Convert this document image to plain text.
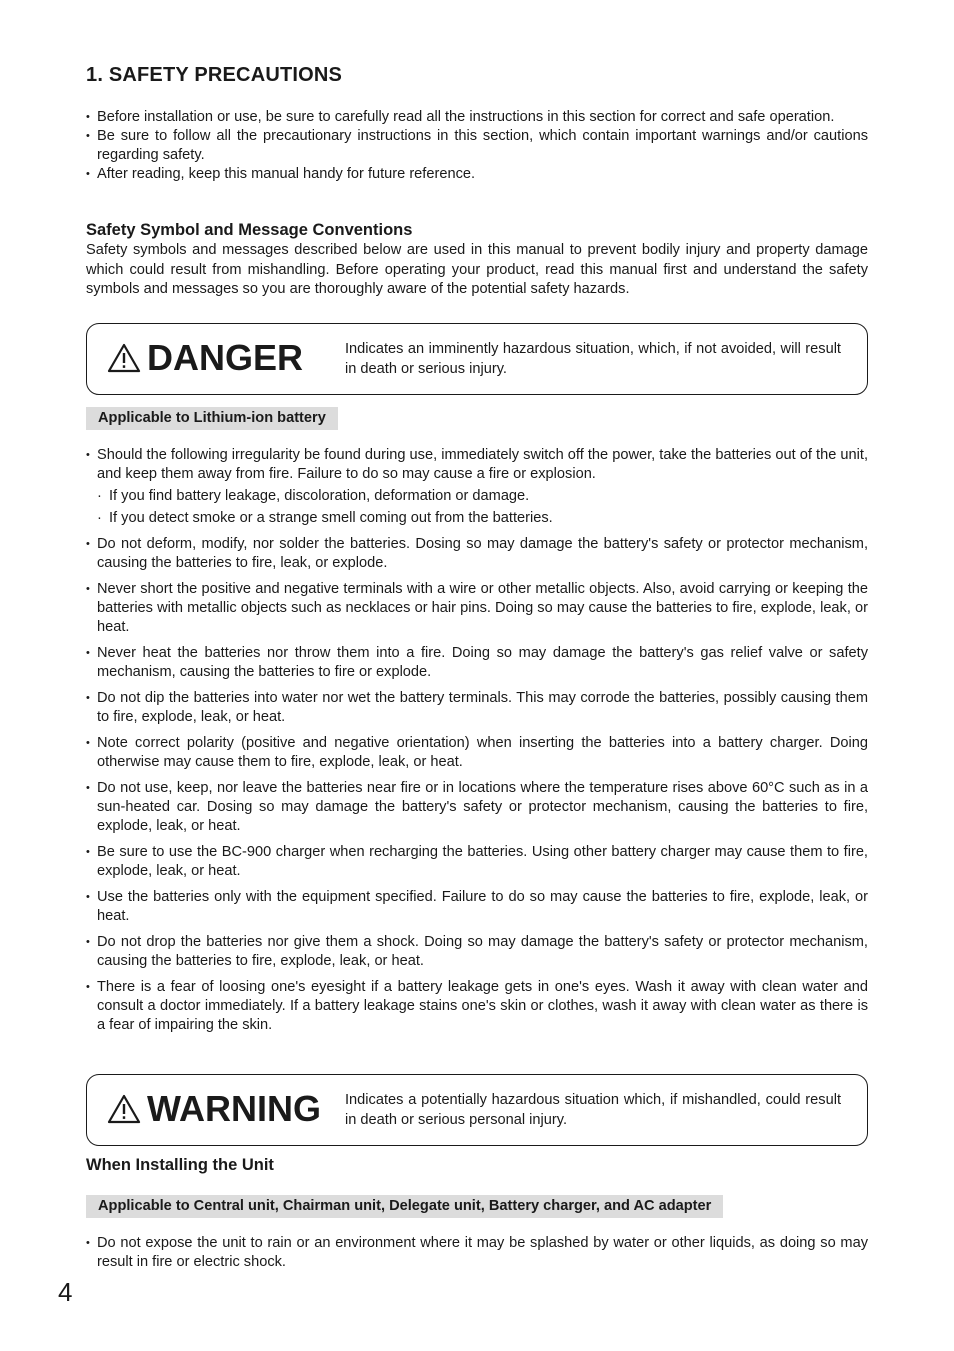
1. SAFETY PRECAUTIONS
• Before installation or use, be sure to carefully read all the instructions in this section for correct and safe operation.
• Be sure to follow all the precautionary instructions in this section, which contain important warnings and/or cautions regarding safety.
• After reading, keep this manual handy for future reference.
Safety Symbol and Message Conventions
Safety symbols and messages described below are used in this manual to prevent bodily injury and property damage which could result from mishandling. Before operating your product, read this manual first and understand the safety symbols and messages so you are thoroughly aware of the potential safety hazards.
DANGER	Indicates an imminently hazardous situation, which, if not avoided, will result in death or serious injury.
Applicable to Lithium-ion battery
• Should the following irregularity be found during use, immediately switch off the power, take the batteries out of the unit, and keep them away from fire. Failure to do so may cause a fire or explosion.
· If you find battery leakage, discoloration, deformation or damage.
· If you detect smoke or a strange smell coming out from the batteries.
• Do not deform, modify, nor solder the batteries. Dosing so may damage the battery's safety or protector mechanism, causing the batteries to fire, leak, or explode.
• Never short the positive and negative terminals with a wire or other metallic objects. Also, avoid carrying or keeping the batteries with metallic objects such as necklaces or hair pins. Doing so may cause the batteries to fire, explode, leak, or heat.
• Never heat the batteries nor throw them into a fire. Doing so may damage the battery's gas relief valve or safety mechanism, causing the batteries to fire or explode.
• Do not dip the batteries into water nor wet the battery terminals. This may corrode the batteries, possibly causing them to fire, explode, leak, or heat.
• Note correct polarity (positive and negative orientation) when inserting the batteries into a battery charger. Doing otherwise may cause them to fire, explode, leak, or heat.
• Do not use, keep, nor leave the batteries near fire or in locations where the temperature rises above 60°C such as in a sun-heated car. Dosing so may damage the battery's safety or protector mechanism, causing the batteries to fire, explode, leak, or heat.
• Be sure to use the BC-900 charger when recharging the batteries. Using other battery charger may cause them to fire, explode, leak, or heat.
• Use the batteries only with the equipment specified. Failure to do so may cause the batteries to fire, explode, leak, or heat.
• Do not drop the batteries nor give them a shock. Doing so may damage the battery's safety or protector mechanism, causing the batteries to fire, explode, leak, or heat.
• There is a fear of loosing one's eyesight if a battery leakage gets in one's eyes. Wash it away with clean water and consult a doctor immediately. If a battery leakage stains one's skin or clothes, wash it away with clean water as there is a fear of impairing the skin.
WARNING Indicates a potentially hazardous situation which, if mishandled, could result in death or serious personal injury.
When Installing the Unit
Applicable to Central unit, Chairman unit, Delegate unit, Battery charger, and AC adapter
• Do not expose the unit to rain or an environment where it may be splashed by water or other liquids, as doing so may result in fire or electric shock.
4
